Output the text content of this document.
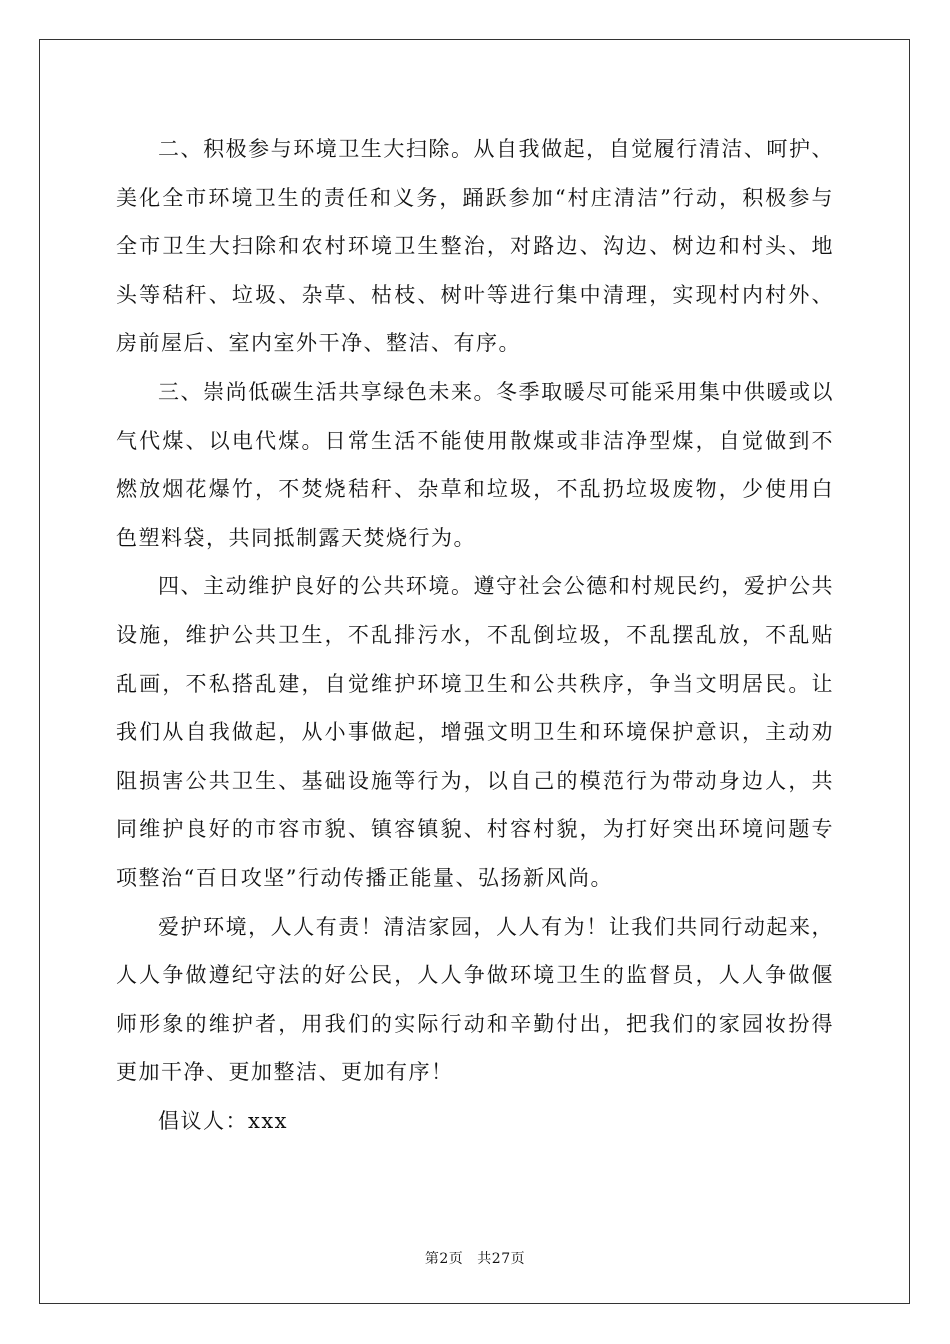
二、积极参与环境卫生大扫除。从自我做起，自觉履行清洁、呵护、美化全市环境卫生的责任和义务，踊跃参加“村庄清洁”行动，积极参与全市卫生大扫除和农村环境卫生整治，对路边、沟边、树边和村头、地头等秸秆、垃圾、杂草、枯枝、树叶等进行集中清理，实现村内村外、房前屋后、室内室外干净、整洁、有序。

三、崇尚低碳生活共享绿色未来。冬季取暖尽可能采用集中供暖或以气代煤、以电代煤。日常生活不能使用散煤或非洁净型煤，自觉做到不燃放烟花爆竹，不焚烧秸秆、杂草和垃圾，不乱扔垃圾废物，少使用白色塑料袋，共同抵制露天焚烧行为。

四、主动维护良好的公共环境。遵守社会公德和村规民约，爱护公共设施，维护公共卫生，不乱排污水，不乱倒垃圾，不乱摆乱放，不乱贴乱画，不私搭乱建，自觉维护环境卫生和公共秩序，争当文明居民。让我们从自我做起，从小事做起，增强文明卫生和环境保护意识，主动劝阻损害公共卫生、基础设施等行为，以自己的模范行为带动身边人，共同维护良好的市容市貌、镇容镇貌、村容村貌，为打好突出环境问题专项整治“百日攻坚”行动传播正能量、弘扬新风尚。

爱护环境，人人有责！清洁家园，人人有为！让我们共同行动起来，人人争做遵纪守法的好公民，人人争做环境卫生的监督员，人人争做偃师形象的维护者，用我们的实际行动和辛勤付出，把我们的家园妆扮得更加干净、更加整洁、更加有序！

倡议人：xxx

第2页 共27页
